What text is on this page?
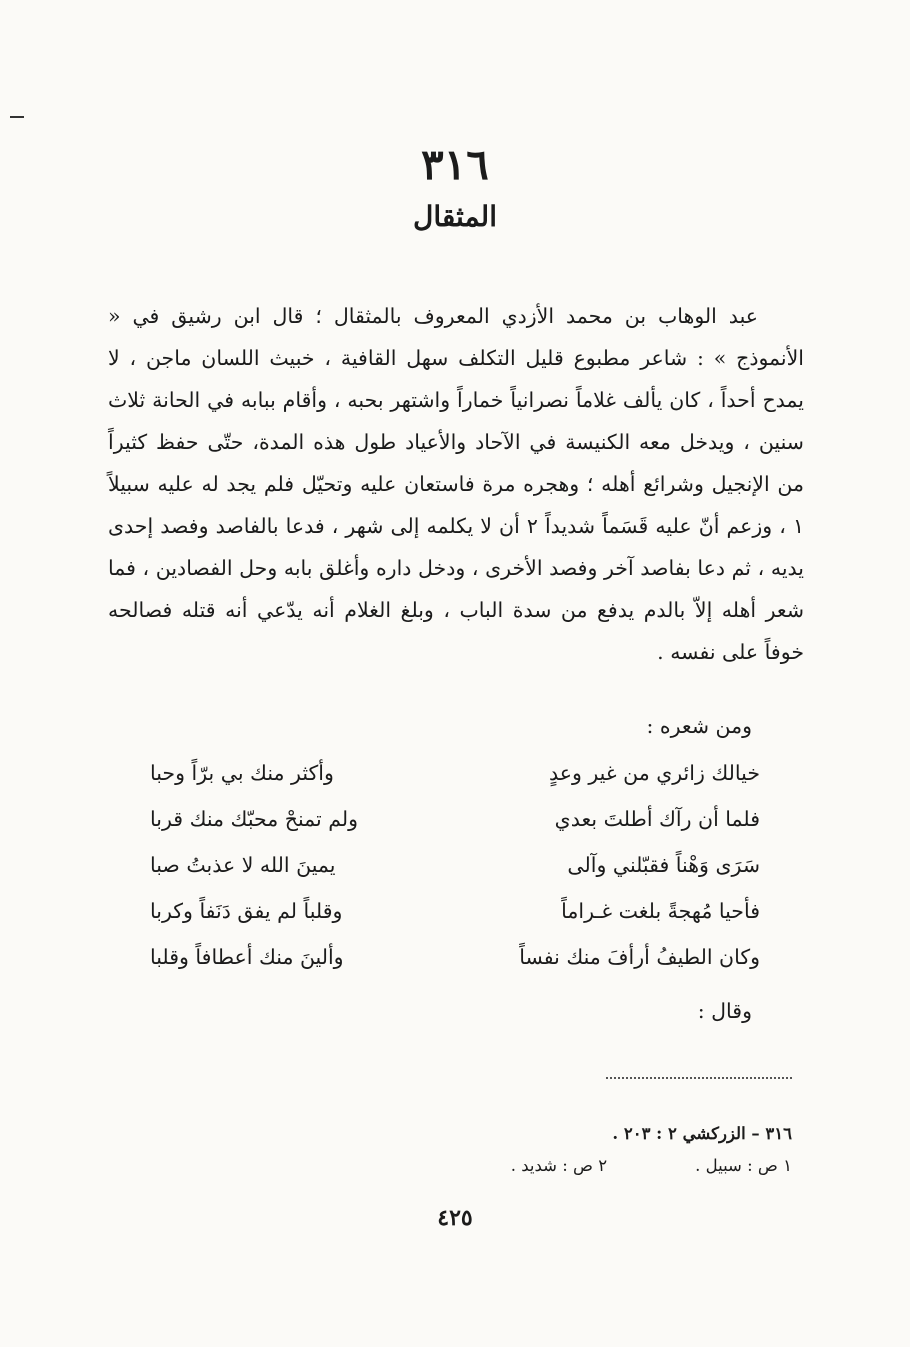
٣١٦
المثقال

عبد الوهاب بن محمد الأزدي المعروف بالمثقال ؛ قال ابن رشيق في « الأنموذج » : شاعر مطبوع قليل التكلف سهل القافية ، خبيث اللسان ماجن ، لا يمدح أحداً ، كان يألف غلاماً نصرانياً خماراً واشتهر بحبه ، وأقام ببابه في الحانة ثلاث سنين ، ويدخل معه الكنيسة في الآحاد والأعياد طول هذه المدة، حتّى حفظ كثيراً من الإنجيل وشرائع أهله ؛ وهجره مرة فاستعان عليه وتحيّل فلم يجد له عليه سبيلاً ١ ، وزعم أنّ عليه قَسَماً شديداً ٢ أن لا يكلمه إلى شهر ، فدعا بالفاصد وفصد إحدى يديه ، ثم دعا بفاصد آخر وفصد الأخرى ، ودخل داره وأغلق بابه وحل الفصادين ، فما شعر أهله إلاّ بالدم يدفع من سدة الباب ، وبلغ الغلام أنه يدّعي أنه قتله فصالحه خوفاً على نفسه .

ومن شعره :
خيالك زائري من غير وعدٍ
وأكثر منك بي برّاً وحبا
فلما أن رآك أطلتَ بعدي
ولم تمنحْ محبّك منك قربا
سَرَى وَهْناً فقبّلني وآلى
يمينَ الله لا عذبتُ صبا
فأحيا مُهجةً بلغت غـراماً
وقلباً لم يفق دَنَفاً وكربا
وكان الطيفُ أرأفَ منك نفساً
وألينَ منك أعطافاً وقلبا
وقال :
٣١٦ – الزركشي ٢ : ٢٠٣ .
١ ص : سبيل .
٢ ص : شديد .
٤٢٥
